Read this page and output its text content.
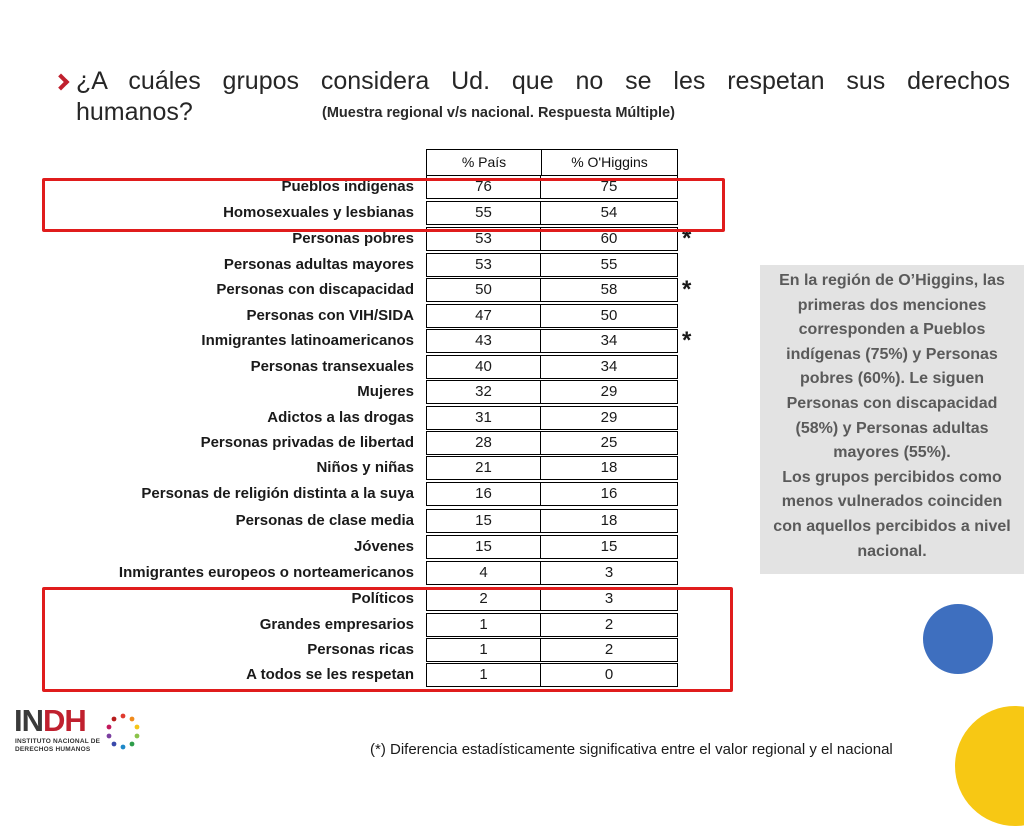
¿A cuáles grupos considera Ud. que no se les respetan sus derechos
humanos?	(Muestra regional v/s nacional. Respuesta Múltiple)
% País	% O'Higgins
Pueblos indígenas	76	75
Homosexuales y lesbianas	55	54
Personas pobres	53	60	*
Personas adultas mayores	53	55
Personas con discapacidad	50	58	*
Personas con VIH/SIDA	47	50
Inmigrantes latinoamericanos	43	34	*
Personas transexuales	40	34
Mujeres	32	29
Adictos a las drogas	31	29
Personas privadas de libertad	28	25
Niños y niñas	21	18
Personas de religión distinta a la suya	16	16
Personas de clase media	15	18
Jóvenes	15	15
Inmigrantes europeos o norteamericanos	4	3
Políticos	2	3
Grandes empresarios	1	2
Personas ricas	1	2
A todos se les respetan	1	0

En la región de O’Higgins, las primeras dos menciones corresponden a Pueblos indígenas (75%) y Personas pobres (60%). Le siguen Personas con discapacidad (58%) y Personas adultas mayores (55%).

Los grupos percibidos como menos vulnerados coinciden con aquellos percibidos a nivel nacional.

INDH
INSTITUTO NACIONAL DE
DERECHOS HUMANOS	(*) Diferencia estadísticamente significativa entre el valor regional y el nacional
